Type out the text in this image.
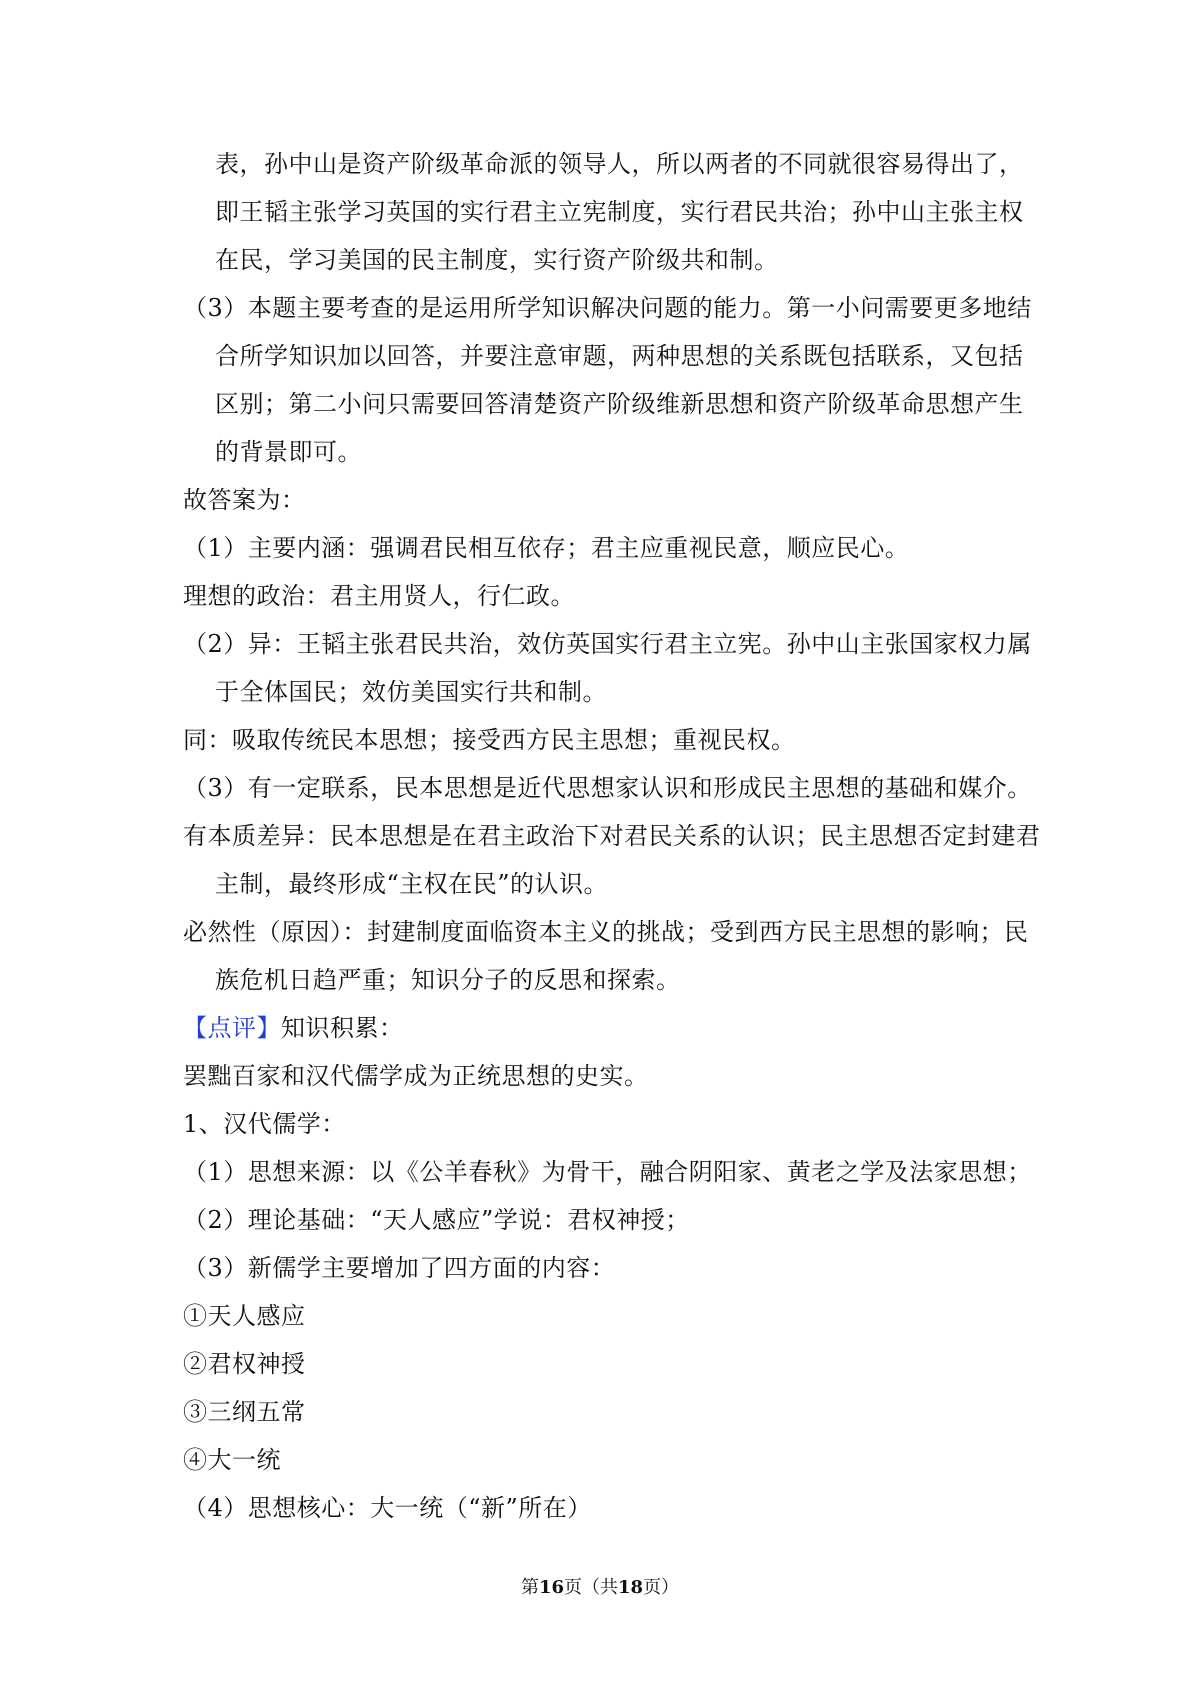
表，孙中山是资产阶级革命派的领导人，所以两者的不同就很容易得出了，
即王韬主张学习英国的实行君主立宪制度，实行君民共治；孙中山主张主权
在民，学习美国的民主制度，实行资产阶级共和制。
（3）本题主要考查的是运用所学知识解决问题的能力。第一小问需要更多地结
合所学知识加以回答，并要注意审题，两种思想的关系既包括联系，又包括
区别；第二小问只需要回答清楚资产阶级维新思想和资产阶级革命思想产生
的背景即可。
故答案为：
（1）主要内涵：强调君民相互依存；君主应重视民意，顺应民心。
理想的政治：君主用贤人，行仁政。
（2）异：王韬主张君民共治，效仿英国实行君主立宪。孙中山主张国家权力属
于全体国民；效仿美国实行共和制。
同：吸取传统民本思想；接受西方民主思想；重视民权。
（3）有一定联系，民本思想是近代思想家认识和形成民主思想的基础和媒介。
有本质差异：民本思想是在君主政治下对君民关系的认识；民主思想否定封建君
主制，最终形成“主权在民”的认识。
必然性（原因）：封建制度面临资本主义的挑战；受到西方民主思想的影响；民
族危机日趋严重；知识分子的反思和探索。
【点评】知识积累：
罢黜百家和汉代儒学成为正统思想的史实。
1、汉代儒学：
（1）思想来源：以《公羊春秋》为骨干，融合阴阳家、黄老之学及法家思想；
（2）理论基础：“天人感应”学说：君权神授；
（3）新儒学主要增加了四方面的内容：
①天人感应
②君权神授
③三纲五常
④大一统
（4）思想核心：大一统（“新”所在）
第16页（共18页）
